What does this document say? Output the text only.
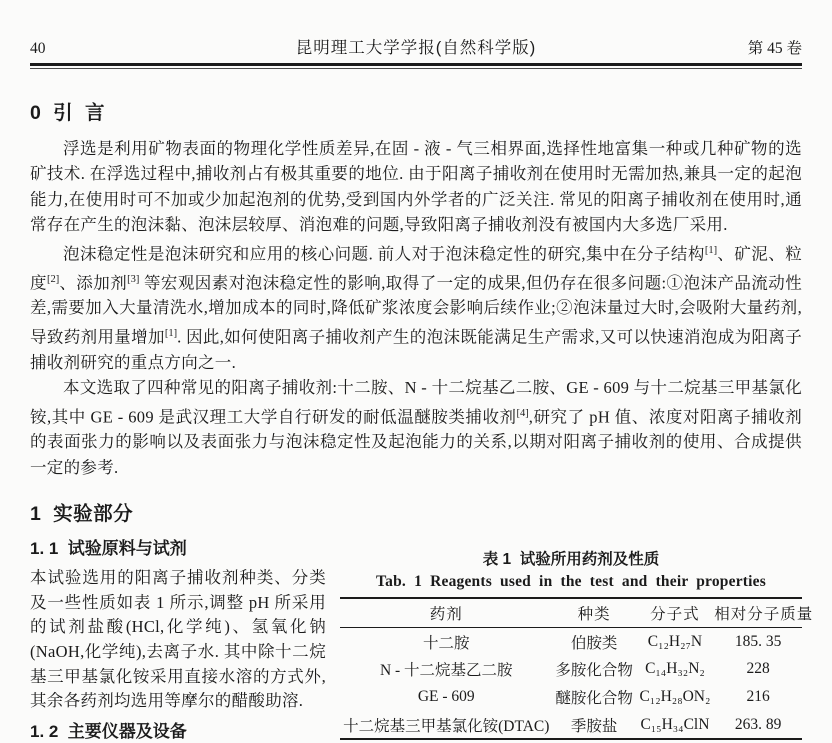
40	昆明理工大学学报(自然科学版)	第 45 卷
0  引  言

浮选是利用矿物表面的物理化学性质差异,在固 - 液 - 气三相界面,选择性地富集一种或几种矿物的选矿技术. 在浮选过程中,捕收剂占有极其重要的地位. 由于阳离子捕收剂在使用时无需加热,兼具一定的起泡能力,在使用时可不加或少加起泡剂的优势,受到国内外学者的广泛关注. 常见的阳离子捕收剂在使用时,通常存在产生的泡沫黏、泡沫层较厚、消泡难的问题,导致阳离子捕收剂没有被国内大多选厂采用.

泡沫稳定性是泡沫研究和应用的核心问题. 前人对于泡沫稳定性的研究,集中在分子结构[1]、矿泥、粒度[2]、添加剂[3] 等宏观因素对泡沫稳定性的影响,取得了一定的成果,但仍存在很多问题:①泡沫产品流动性差,需要加入大量清洗水,增加成本的同时,降低矿浆浓度会影响后续作业;②泡沫量过大时,会吸附大量药剂,导致药剂用量增加[1]. 因此,如何使阳离子捕收剂产生的泡沫既能满足生产需求,又可以快速消泡成为阳离子捕收剂研究的重点方向之一.

本文选取了四种常见的阳离子捕收剂:十二胺、N - 十二烷基乙二胺、GE - 609 与十二烷基三甲基氯化铵,其中 GE - 609 是武汉理工大学自行研发的耐低温醚胺类捕收剂[4],研究了 pH 值、浓度对阳离子捕收剂的表面张力的影响以及表面张力与泡沫稳定性及起泡能力的关系,以期对阳离子捕收剂的使用、合成提供一定的参考.

1  实验部分
1. 1  试验原料与试剂

本试验选用的阳离子捕收剂种类、分类及一些性质如表 1 所示,调整 pH 所采用的试剂盐酸(HCl,化学纯)、氢氧化钠(NaOH,化学纯),去离子水. 其中除十二烷基三甲基氯化铵采用直接水溶的方式外,其余各药剂均选用等摩尔的醋酸助溶.

1. 2  主要仪器及设备
表 1  试验所用药剂及性质
Tab. 1 Reagents used in the test and their properties
药剂	种类	分子式	相对分子质量
十二胺	伯胺类	C₁₂H₂₇N	185. 35
N - 十二烷基乙二胺	多胺化合物	C₁₄H₃₂N₂	228
GE - 609	醚胺化合物	C₁₂H₂₈ON₂	216
十二烷基三甲基氯化铵(DTAC)	季胺盐	C₁₅H₃₄ClN	263. 89
